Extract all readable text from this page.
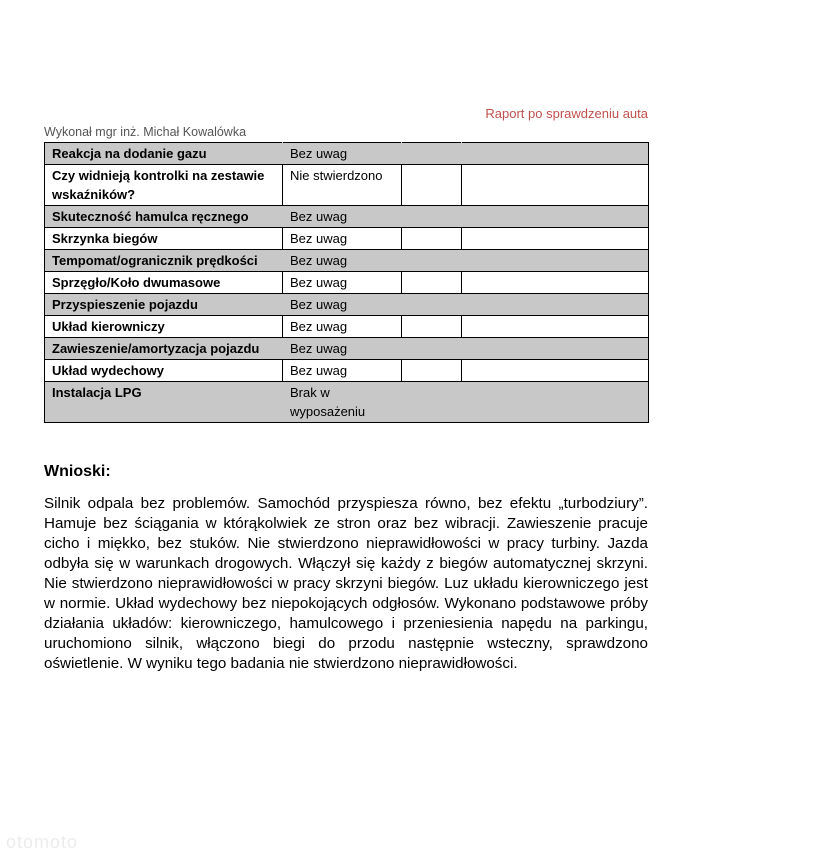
Raport po sprawdzeniu auta
Wykonał mgr inż. Michał Kowalówka
Reakcja na dodanie gazu	Bez uwag		
Czy widnieją kontrolki na zestawie wskaźników?	Nie stwierdzono		
Skuteczność hamulca ręcznego	Bez uwag		
Skrzynka biegów	Bez uwag		
Tempomat/ogranicznik prędkości	Bez uwag		
Sprzęgło/Koło dwumasowe	Bez uwag		
Przyspieszenie pojazdu	Bez uwag		
Układ kierowniczy	Bez uwag		
Zawieszenie/amortyzacja pojazdu	Bez uwag		
Układ wydechowy	Bez uwag		
Instalacja LPG	Brak w wyposażeniu		
Wnioski:

Silnik odpala bez problemów. Samochód przyspiesza równo, bez efektu „turbodziury”. Hamuje bez ściągania w którąkolwiek ze stron oraz bez wibracji. Zawieszenie pracuje cicho i miękko, bez stuków. Nie stwierdzono nieprawidłowości w pracy turbiny. Jazda odbyła się w warunkach drogowych. Włączył się każdy z biegów automatycznej skrzyni. Nie stwierdzono nieprawidłowości w pracy skrzyni biegów. Luz układu kierowniczego jest w normie. Układ wydechowy bez niepokojących odgłosów. Wykonano podstawowe próby działania układów: kierowniczego, hamulcowego i przeniesienia napędu na parkingu, uruchomiono silnik, włączono biegi do przodu następnie wsteczny, sprawdzono oświetlenie. W wyniku tego badania nie stwierdzono nieprawidłowości.

otomoto
